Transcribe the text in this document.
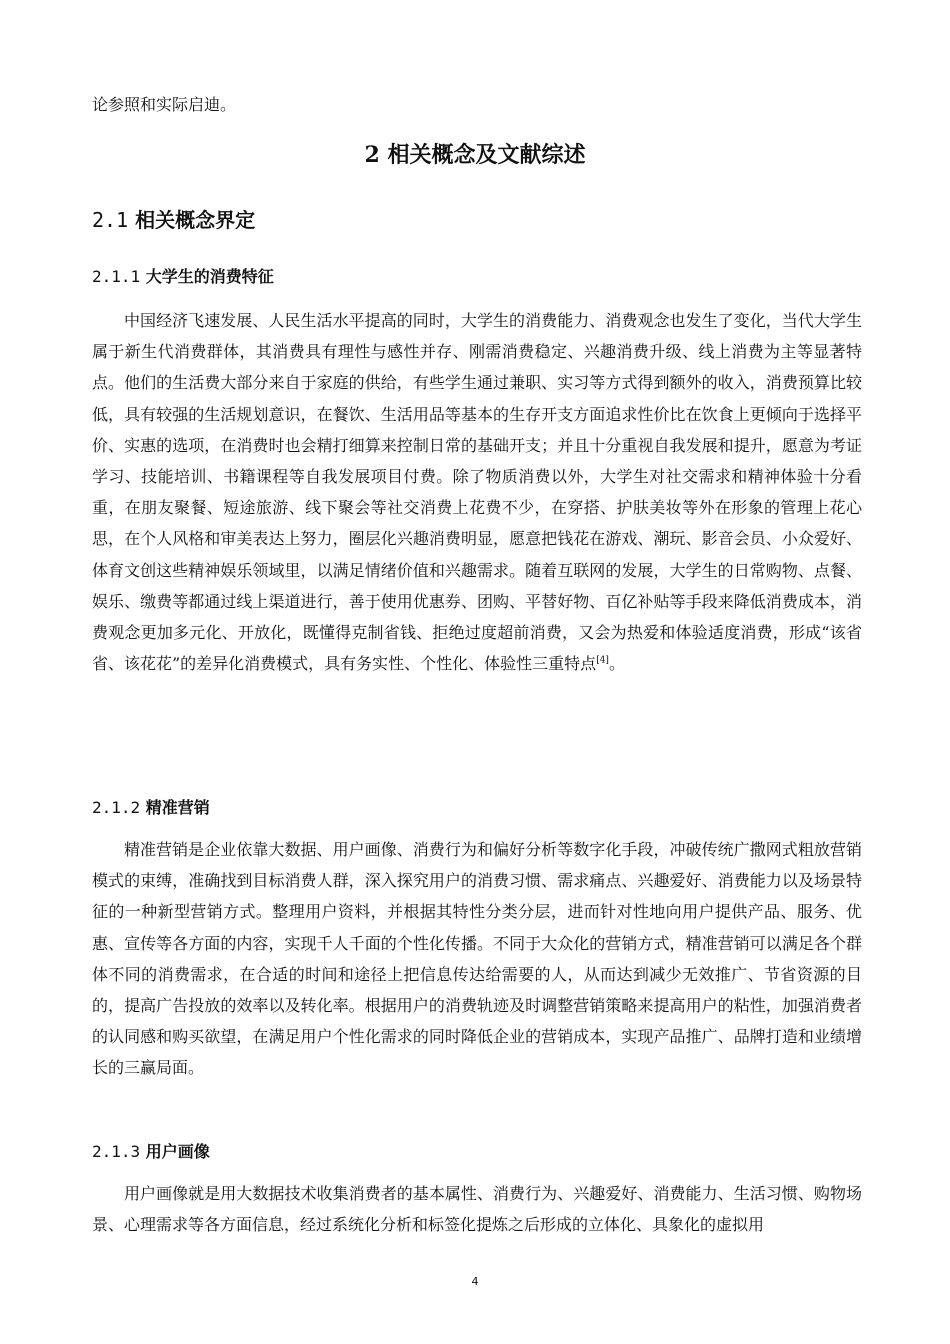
论参照和实际启迪。
2 相关概念及文献综述
2.1 相关概念界定
2.1.1 大学生的消费特征

中国经济飞速发展、人民生活水平提高的同时，大学生的消费能力、消费观念也发生了变化，当代大学生属于新生代消费群体，其消费具有理性与感性并存、刚需消费稳定、兴趣消费升级、线上消费为主等显著特点。他们的生活费大部分来自于家庭的供给，有些学生通过兼职、实习等方式得到额外的收入，消费预算比较低，具有较强的生活规划意识，在餐饮、生活用品等基本的生存开支方面追求性价比在饮食上更倾向于选择平价、实惠的选项，在消费时也会精打细算来控制日常的基础开支；并且十分重视自我发展和提升，愿意为考证学习、技能培训、书籍课程等自我发展项目付费。除了物质消费以外，大学生对社交需求和精神体验十分看重，在朋友聚餐、短途旅游、线下聚会等社交消费上花费不少，在穿搭、护肤美妆等外在形象的管理上花心思，在个人风格和审美表达上努力，圈层化兴趣消费明显，愿意把钱花在游戏、潮玩、影音会员、小众爱好、体育文创这些精神娱乐领域里，以满足情绪价值和兴趣需求。随着互联网的发展，大学生的日常购物、点餐、娱乐、缴费等都通过线上渠道进行，善于使用优惠券、团购、平替好物、百亿补贴等手段来降低消费成本，消费观念更加多元化、开放化，既懂得克制省钱、拒绝过度超前消费，又会为热爱和体验适度消费，形成“该省省、该花花”的差异化消费模式，具有务实性、个性化、体验性三重特点[4]。

2.1.2 精准营销

精准营销是企业依靠大数据、用户画像、消费行为和偏好分析等数字化手段，冲破传统广撒网式粗放营销模式的束缚，准确找到目标消费人群，深入探究用户的消费习惯、需求痛点、兴趣爱好、消费能力以及场景特征的一种新型营销方式。整理用户资料，并根据其特性分类分层，进而针对性地向用户提供产品、服务、优惠、宣传等各方面的内容，实现千人千面的个性化传播。不同于大众化的营销方式，精准营销可以满足各个群体不同的消费需求，在合适的时间和途径上把信息传达给需要的人，从而达到减少无效推广、节省资源的目的，提高广告投放的效率以及转化率。根据用户的消费轨迹及时调整营销策略来提高用户的粘性，加强消费者的认同感和购买欲望，在满足用户个性化需求的同时降低企业的营销成本，实现产品推广、品牌打造和业绩增长的三赢局面。

2.1.3 用户画像

用户画像就是用大数据技术收集消费者的基本属性、消费行为、兴趣爱好、消费能力、生活习惯、购物场景、心理需求等各方面信息，经过系统化分析和标签化提炼之后形成的立体化、具象化的虚拟用

4
